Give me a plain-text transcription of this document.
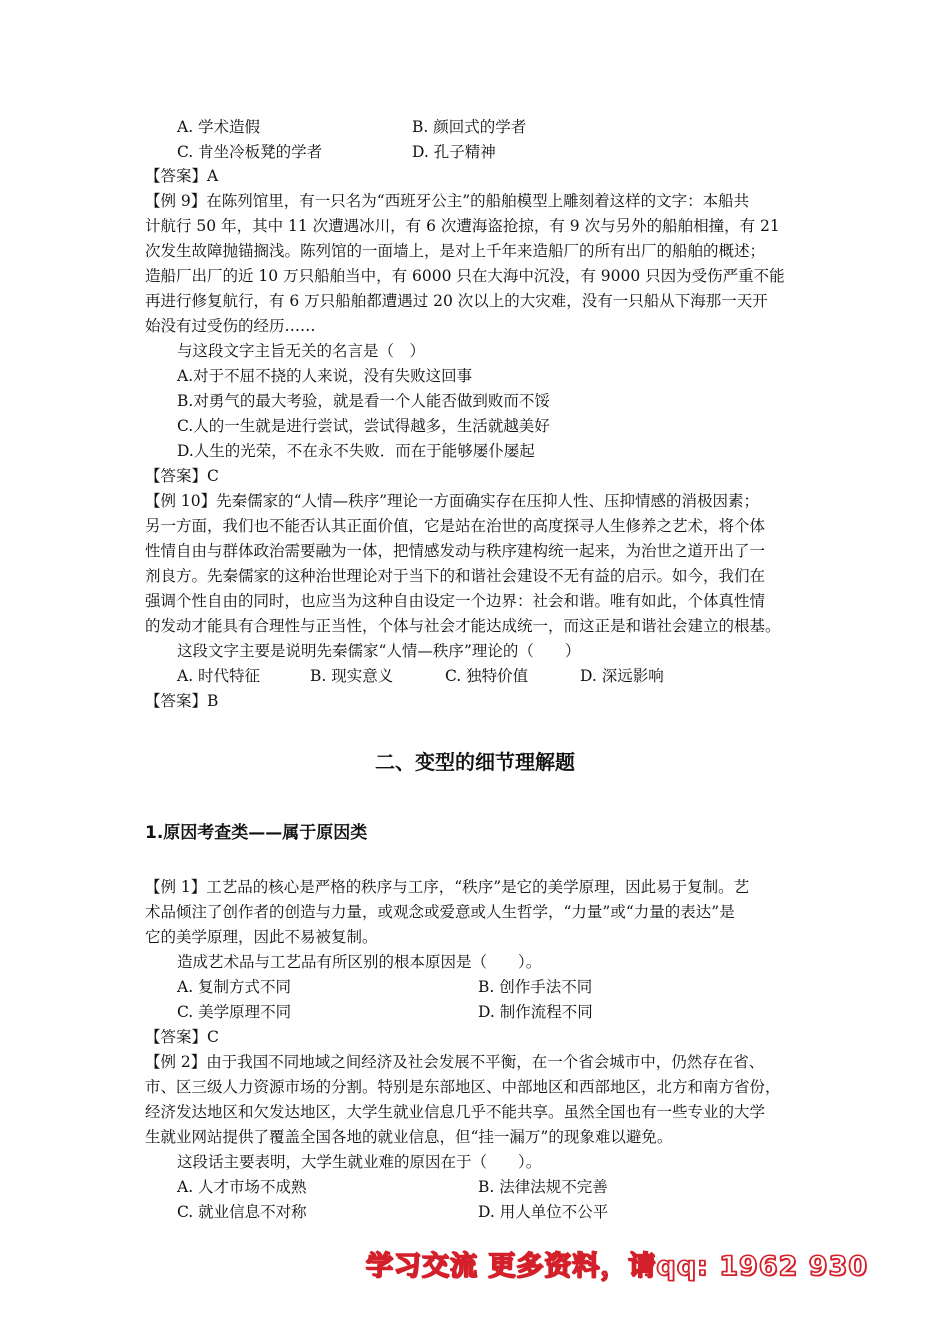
A. 学术造假	B. 颜回式的学者
C. 肯坐冷板凳的学者	D. 孔子精神
【答案】A
【例 9】在陈列馆里，有一只名为“西班牙公主”的船舶模型上雕刻着这样的文字：本船共
计航行 50 年，其中 11 次遭遇冰川，有 6 次遭海盗抢掠，有 9 次与另外的船舶相撞，有 21
次发生故障抛锚搁浅。陈列馆的一面墙上，是对上千年来造船厂的所有出厂的船舶的概述；
造船厂出厂的近 10 万只船舶当中，有 6000 只在大海中沉没，有 9000 只因为受伤严重不能
再进行修复航行，有 6 万只船舶都遭遇过 20 次以上的大灾难，没有一只船从下海那一天开
始没有过受伤的经历……
与这段文字主旨无关的名言是（　）
A.对于不屈不挠的人来说，没有失败这回事
B.对勇气的最大考验，就是看一个人能否做到败而不馁
C.人的一生就是进行尝试，尝试得越多，生活就越美好
D.人生的光荣，不在永不失败．而在于能够屡仆屡起
【答案】C
【例 10】先秦儒家的“人情—秩序”理论一方面确实存在压抑人性、压抑情感的消极因素；
另一方面，我们也不能否认其正面价值，它是站在治世的高度探寻人生修养之艺术，将个体
性情自由与群体政治需要融为一体，把情感发动与秩序建构统一起来，为治世之道开出了一
剂良方。先秦儒家的这种治世理论对于当下的和谐社会建设不无有益的启示。如今，我们在
强调个性自由的同时，也应当为这种自由设定一个边界：社会和谐。唯有如此，个体真性情
的发动才能具有合理性与正当性，个体与社会才能达成统一，而这正是和谐社会建立的根基。
这段文字主要是说明先秦儒家“人情—秩序”理论的（　　）
A. 时代特征	B. 现实意义	C. 独特价值	D. 深远影响
【答案】B
二、变型的细节理解题
1.原因考查类——属于原因类
【例 1】工艺品的核心是严格的秩序与工序，“秩序”是它的美学原理，因此易于复制。艺
术品倾注了创作者的创造与力量，或观念或爱意或人生哲学，“力量”或“力量的表达”是
它的美学原理，因此不易被复制。
造成艺术品与工艺品有所区别的根本原因是（　　）。
A. 复制方式不同	B. 创作手法不同
C. 美学原理不同	D. 制作流程不同
【答案】C
【例 2】由于我国不同地域之间经济及社会发展不平衡，在一个省会城市中，仍然存在省、
市、区三级人力资源市场的分割。特别是东部地区、中部地区和西部地区，北方和南方省份，
经济发达地区和欠发达地区，大学生就业信息几乎不能共享。虽然全国也有一些专业的大学
生就业网站提供了覆盖全国各地的就业信息，但“挂一漏万”的现象难以避免。
这段话主要表明，大学生就业难的原因在于（　　）。
A. 人才市场不成熟	B. 法律法规不完善
C. 就业信息不对称	D. 用人单位不公平
学习交流 更多资料，请qq: 1962 930
